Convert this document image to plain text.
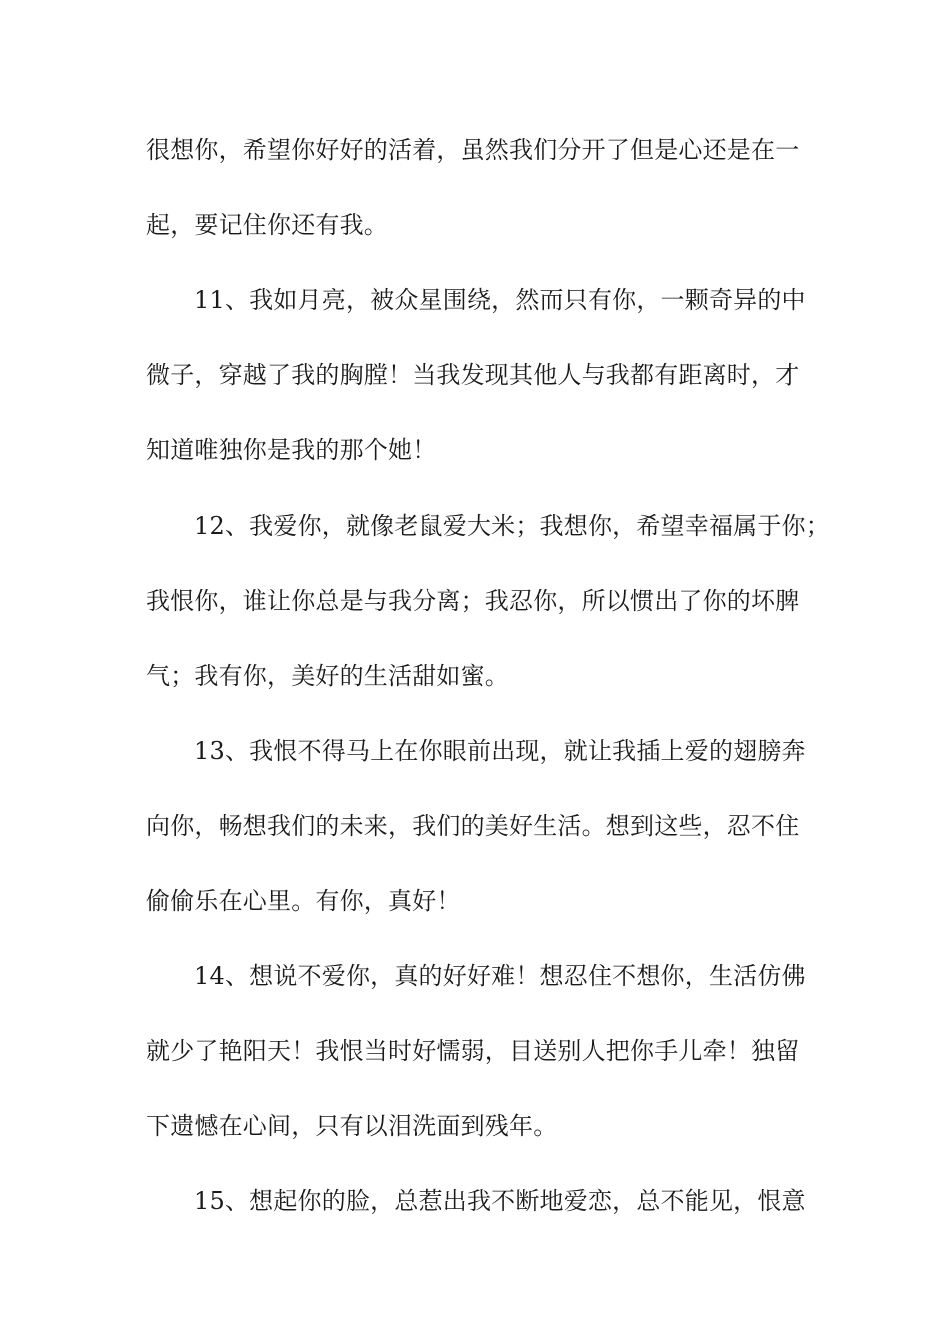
很想你，希望你好好的活着，虽然我们分开了但是心还是在一
起，要记住你还有我。
11、我如月亮，被众星围绕，然而只有你，一颗奇异的中
微子，穿越了我的胸膛！当我发现其他人与我都有距离时，才
知道唯独你是我的那个她！
12、我爱你，就像老鼠爱大米；我想你，希望幸福属于你；
我恨你，谁让你总是与我分离；我忍你，所以惯出了你的坏脾
气；我有你，美好的生活甜如蜜。
13、我恨不得马上在你眼前出现，就让我插上爱的翅膀奔
向你，畅想我们的未来，我们的美好生活。想到这些，忍不住
偷偷乐在心里。有你，真好！
14、想说不爱你，真的好好难！想忍住不想你，生活仿佛
就少了艳阳天！我恨当时好懦弱，目送别人把你手儿牵！独留
下遗憾在心间，只有以泪洗面到残年。
15、想起你的脸，总惹出我不断地爱恋，总不能见，恨意
